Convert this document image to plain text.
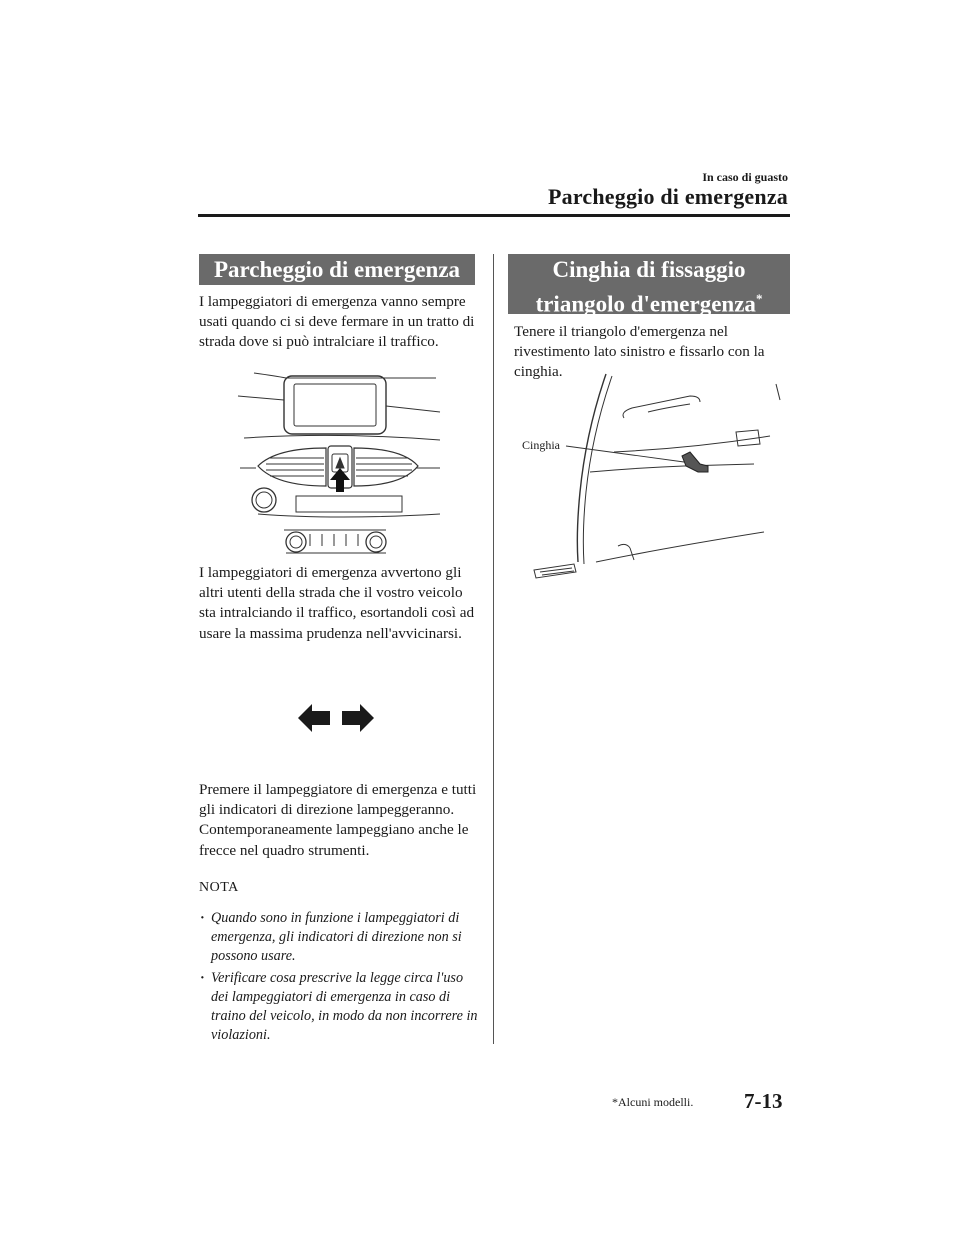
In caso di guasto
Parcheggio di emergenza
Parcheggio di emergenza
I lampeggiatori di emergenza vanno sempre usati quando ci si deve fermare in un tratto di strada dove si può intralciare il traffico.
I lampeggiatori di emergenza avvertono gli altri utenti della strada che il vostro veicolo sta intralciando il traffico, esortandoli così ad usare la massima prudenza nell'avvicinarsi.
Premere il lampeggiatore di emergenza e tutti gli indicatori di direzione lampeggeranno. Contemporaneamente lampeggiano anche le frecce nel quadro strumenti.
NOTA
· Quando sono in funzione i lampeggiatori di emergenza, gli indicatori di direzione non si possono usare.
· Verificare cosa prescrive la legge circa l'uso dei lampeggiatori di emergenza in caso di traino del veicolo, in modo da non incorrere in violazioni.
Cinghia di fissaggio
triangolo d'emergenza*
Tenere il triangolo d'emergenza nel rivestimento lato sinistro e fissarlo con la cinghia.
Cinghia
*Alcuni modelli. 7-13
